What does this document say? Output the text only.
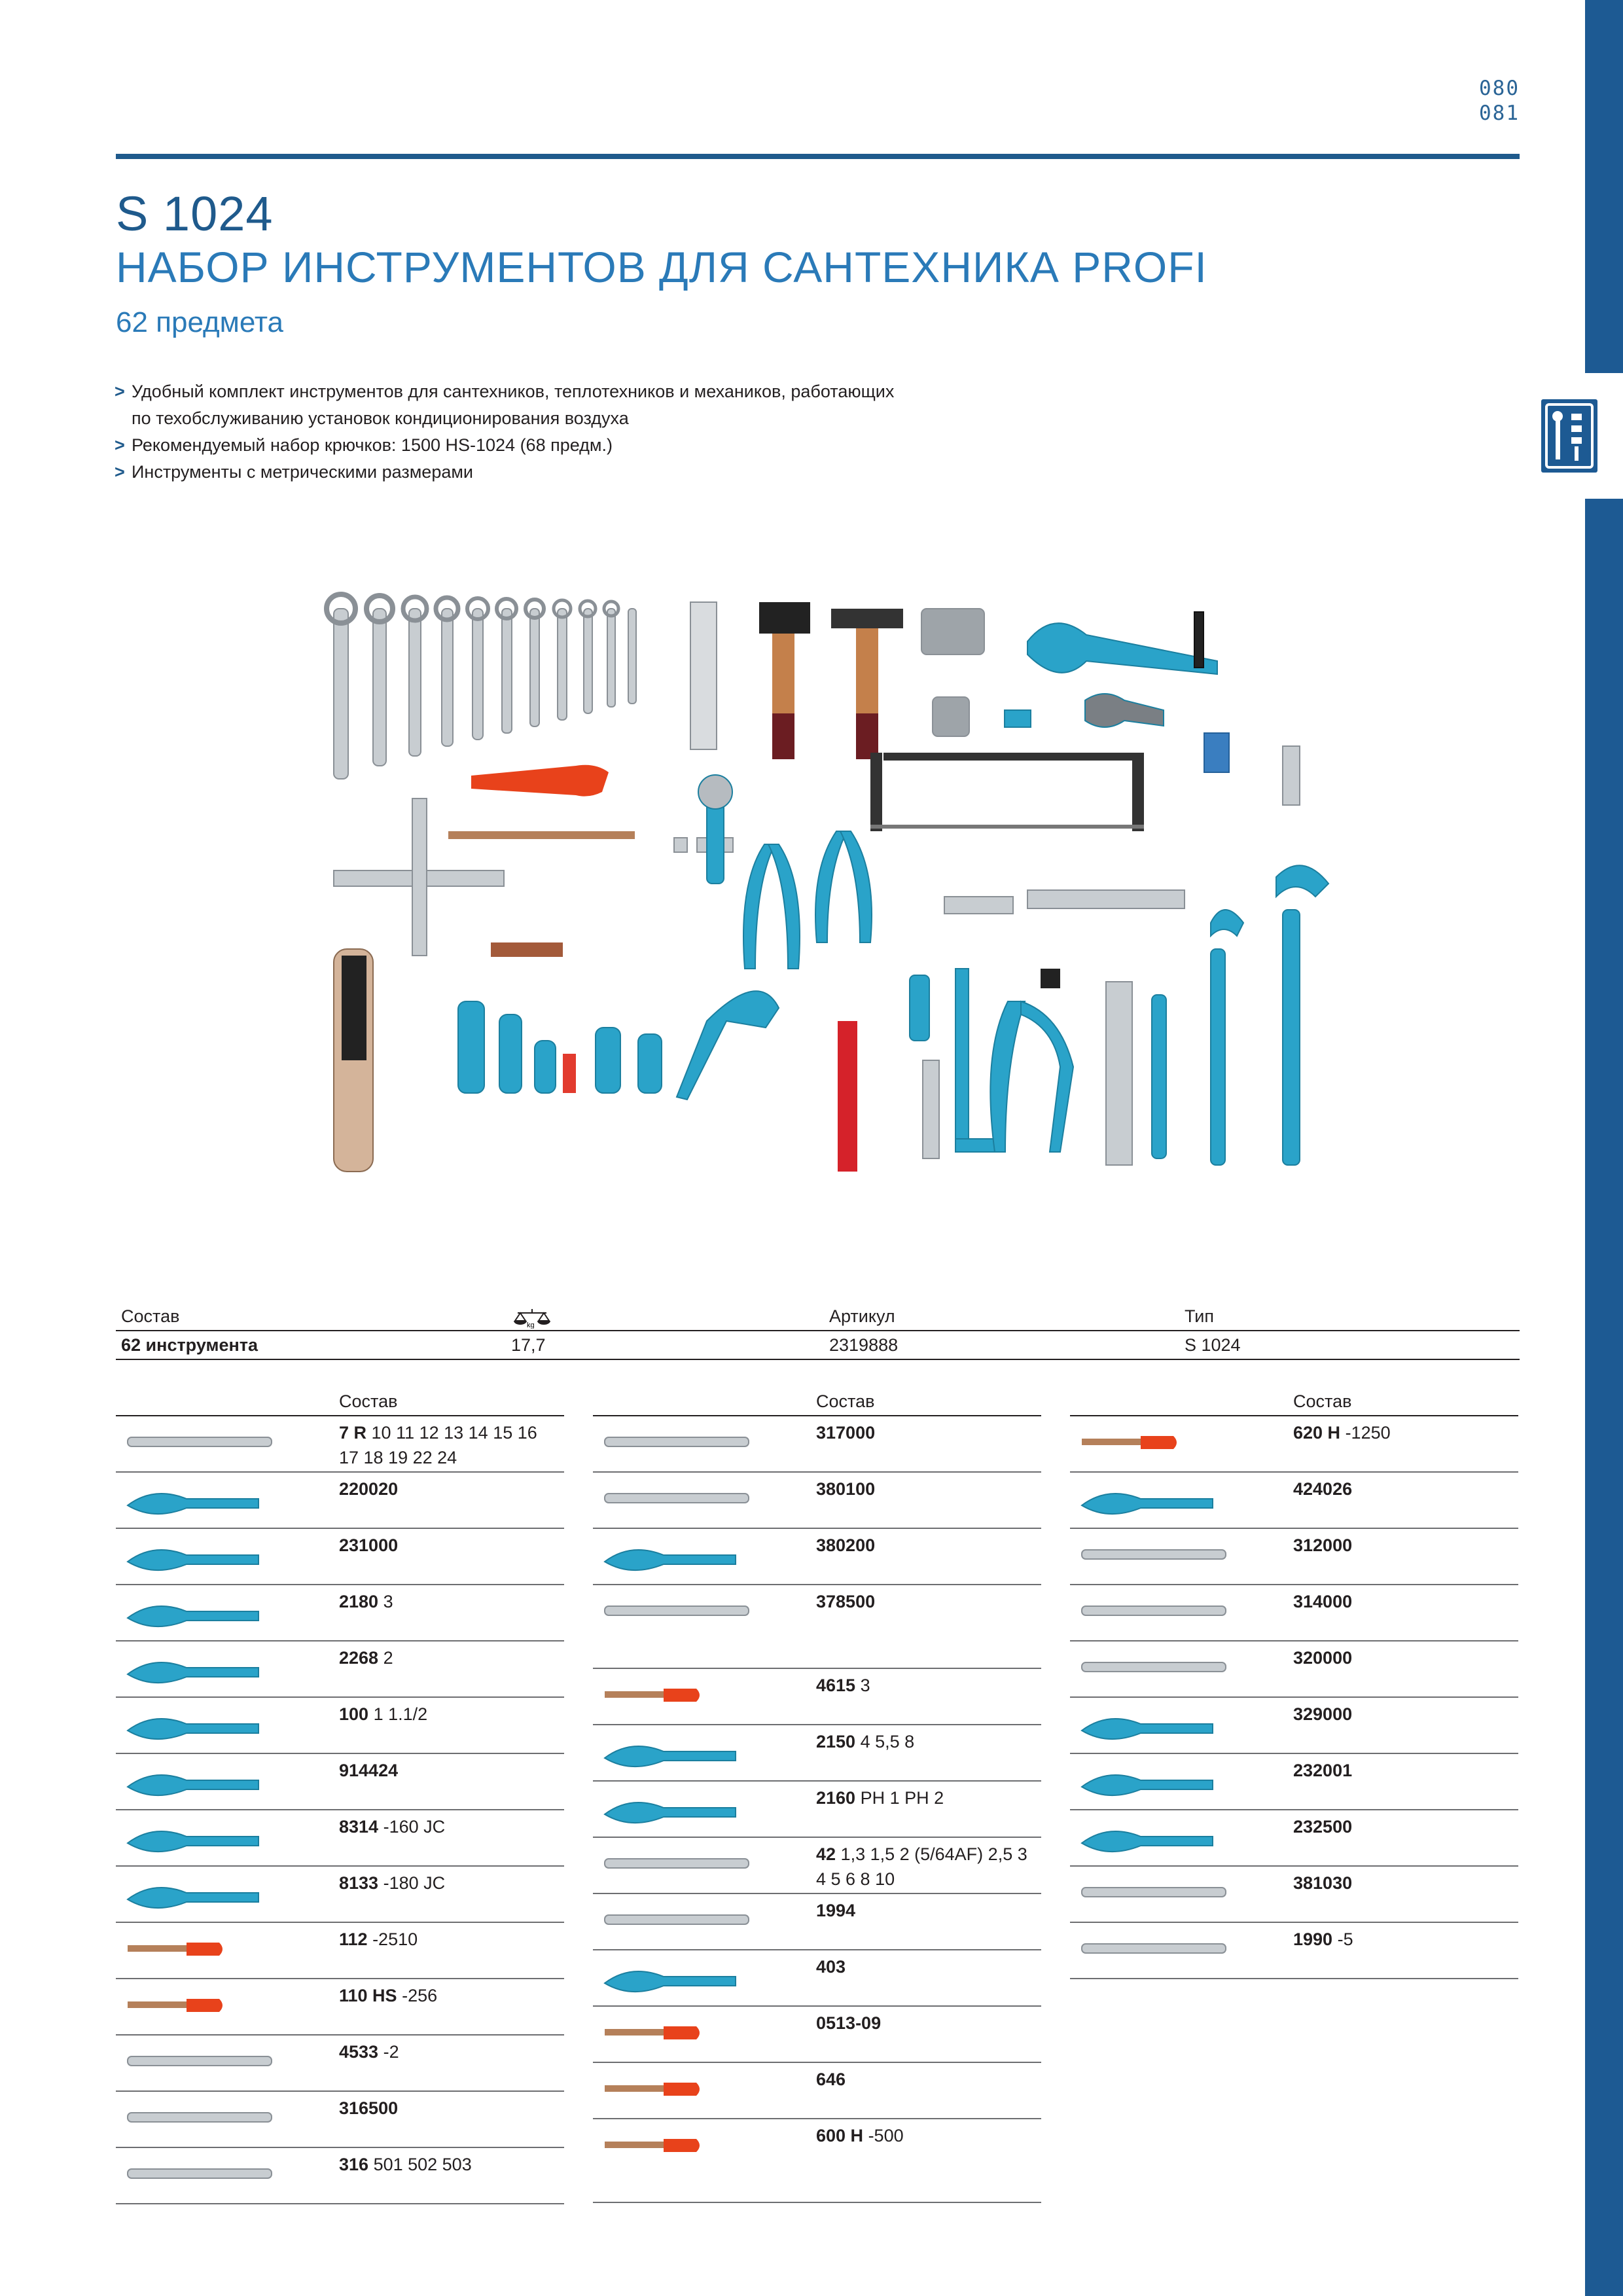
080
081
S 1024
НАБОР ИНСТРУМЕНТОВ ДЛЯ САНТЕХНИКА PROFI
62 предмета
> Удобный комплект инструментов для сантехников, теплотехников и механиков, работающих по техобслуживанию установок кондиционирования воздуха
> Рекомендуемый набор крючков: 1500 HS-1024 (68 предм.)
> Инструменты с метрическими размерами
Состав	kg	Артикул	Тип
62 инструмента	17,7	2319888	S 1024
Состав
7 R 10 11 12 13 14 15 16 17 18 19 22 24
220020
231000
2180 3
2268 2
100 1 1.1/2
914424
8314 -160 JC
8133 -180 JC
112 -2510
110 HS -256
4533 -2
316500
316 501 502 503
Состав
317000
380100
380200
378500
4615 3
2150 4 5,5 8
2160 PH 1 PH 2
42 1,3 1,5 2 (5/64AF) 2,5 3 4 5 6 8 10
1994
403
0513-09
646
600 H -500
Состав
620 H -1250
424026
312000
314000
320000
329000
232001
232500
381030
1990 -5
